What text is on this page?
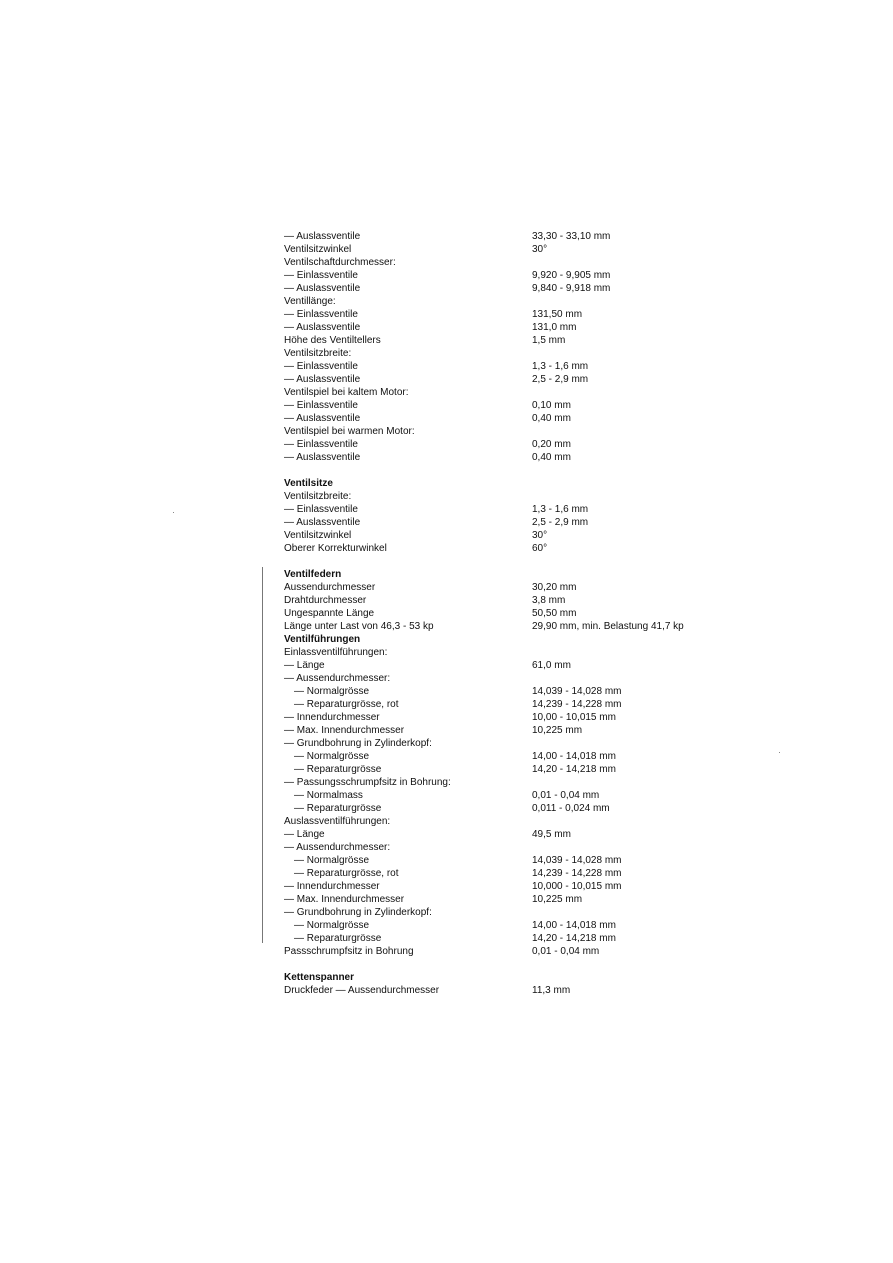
— Auslassventile	33,30 - 33,10 mm
Ventilsitzwinkel	30°
Ventilschaftdurchmesser:
— Einlassventile	9,920 - 9,905 mm
— Auslassventile	9,840 - 9,918 mm
Ventillänge:
— Einlassventile	131,50 mm
— Auslassventile	131,0 mm
Höhe des Ventiltellers	1,5 mm
Ventilsitzbreite:
— Einlassventile	1,3 - 1,6 mm
— Auslassventile	2,5 - 2,9 mm
Ventilspiel bei kaltem Motor:
— Einlassventile	0,10 mm
— Auslassventile	0,40 mm
Ventilspiel bei warmen Motor:
— Einlassventile	0,20 mm
— Auslassventile	0,40 mm
Ventilsitze
Ventilsitzbreite:
— Einlassventile	1,3 - 1,6 mm
— Auslassventile	2,5 - 2,9 mm
Ventilsitzwinkel	30°
Oberer Korrekturwinkel	60°
Ventilfedern
Aussendurchmesser	30,20 mm
Drahtdurchmesser	3,8 mm
Ungespannte Länge	50,50 mm
Länge unter Last von 46,3 - 53 kp	29,90 mm, min. Belastung 41,7 kp
Ventilführungen
Einlassventilführungen:
— Länge	61,0 mm
— Aussendurchmesser:
— Normalgrösse	14,039 - 14,028 mm
— Reparaturgrösse, rot	14,239 - 14,228 mm
— Innendurchmesser	10,00 - 10,015 mm
— Max. Innendurchmesser	10,225 mm
— Grundbohrung in Zylinderkopf:
— Normalgrösse	14,00 - 14,018 mm
— Reparaturgrösse	14,20 - 14,218 mm
— Passungsschrumpfsitz in Bohrung:
— Normalmass	0,01 - 0,04 mm
— Reparaturgrösse	0,011 - 0,024 mm
Auslassventilführungen:
— Länge	49,5 mm
— Aussendurchmesser:
— Normalgrösse	14,039 - 14,028 mm
— Reparaturgrösse, rot	14,239 - 14,228 mm
— Innendurchmesser	10,000 - 10,015 mm
— Max. Innendurchmesser	10,225 mm
— Grundbohrung in Zylinderkopf:
— Normalgrösse	14,00 - 14,018 mm
— Reparaturgrösse	14,20 - 14,218 mm
Passschrumpfsitz in Bohrung	0,01 - 0,04 mm
Kettenspanner
Druckfeder — Aussendurchmesser	11,3 mm
